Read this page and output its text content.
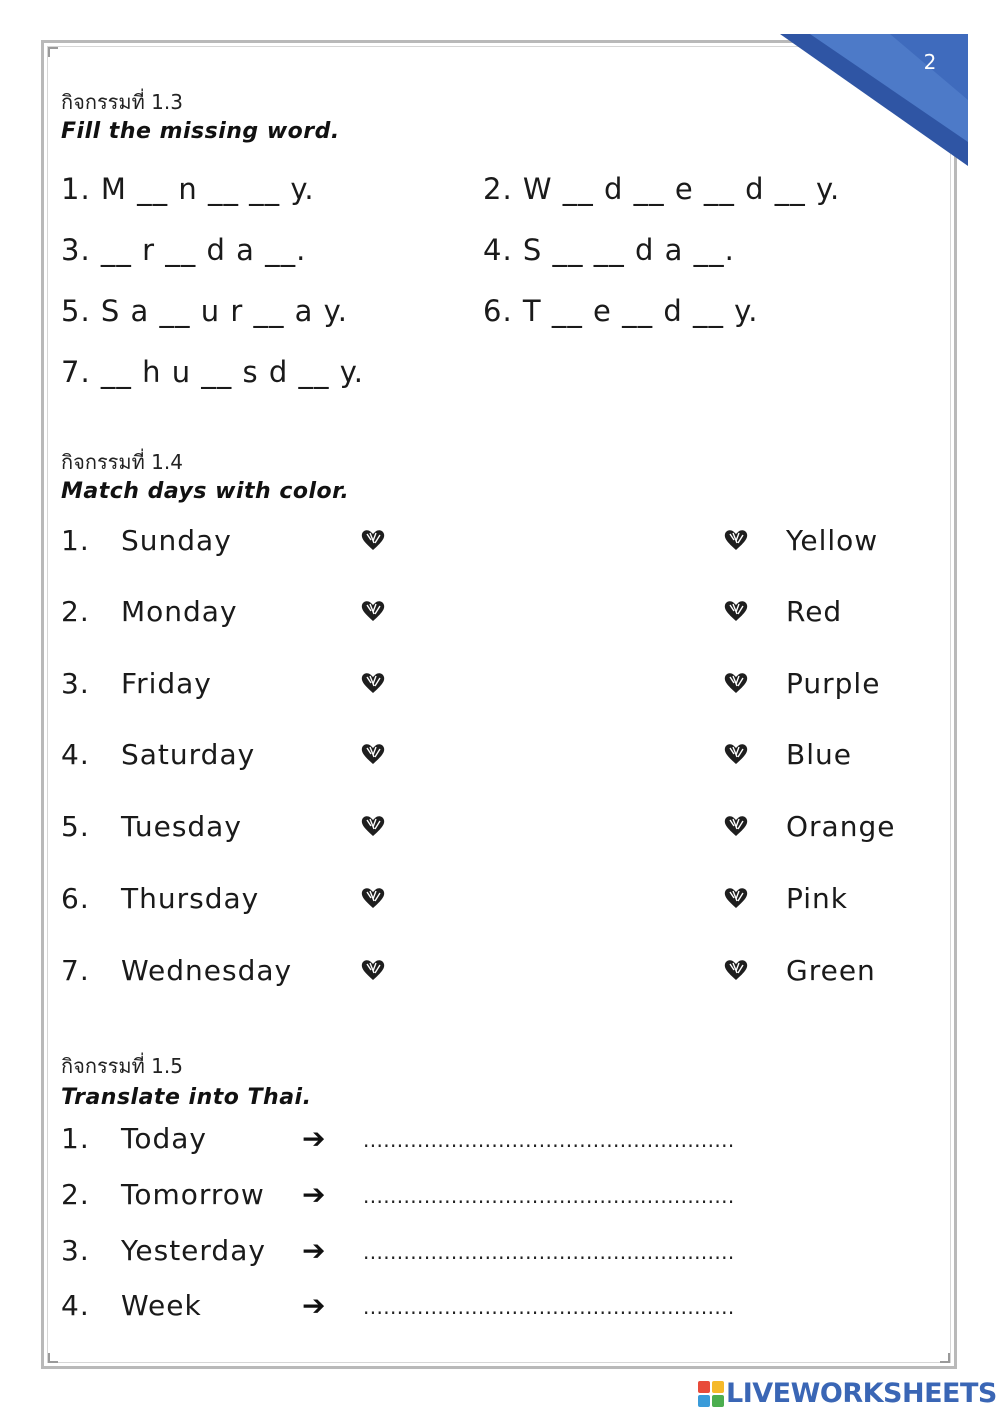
2
กิจกรรมที่ 1.3
Fill the missing word.
1. M __ n __ __ y.	2. W __ d __ e __ d __ y.
3. __ r __ d a __.	4. S __ __ d a __.
5. S a __ u r __ a y.	6. T __ e __ d __ y.
7. __ h u __ s d __ y.
กิจกรรมที่ 1.4
Match days with color.
1. Sunday	Yellow
2. Monday	Red
3. Friday	Purple
4. Saturday	Blue
5. Tuesday	Orange
6. Thursday	Pink
7. Wednesday	Green
กิจกรรมที่ 1.5
Translate into Thai.
1. Today	➔ .......................................................
2. Tomorrow ➔ .......................................................
3. Yesterday ➔ .......................................................
4. Week	➔ .......................................................
LIVEWORKSHEETS
